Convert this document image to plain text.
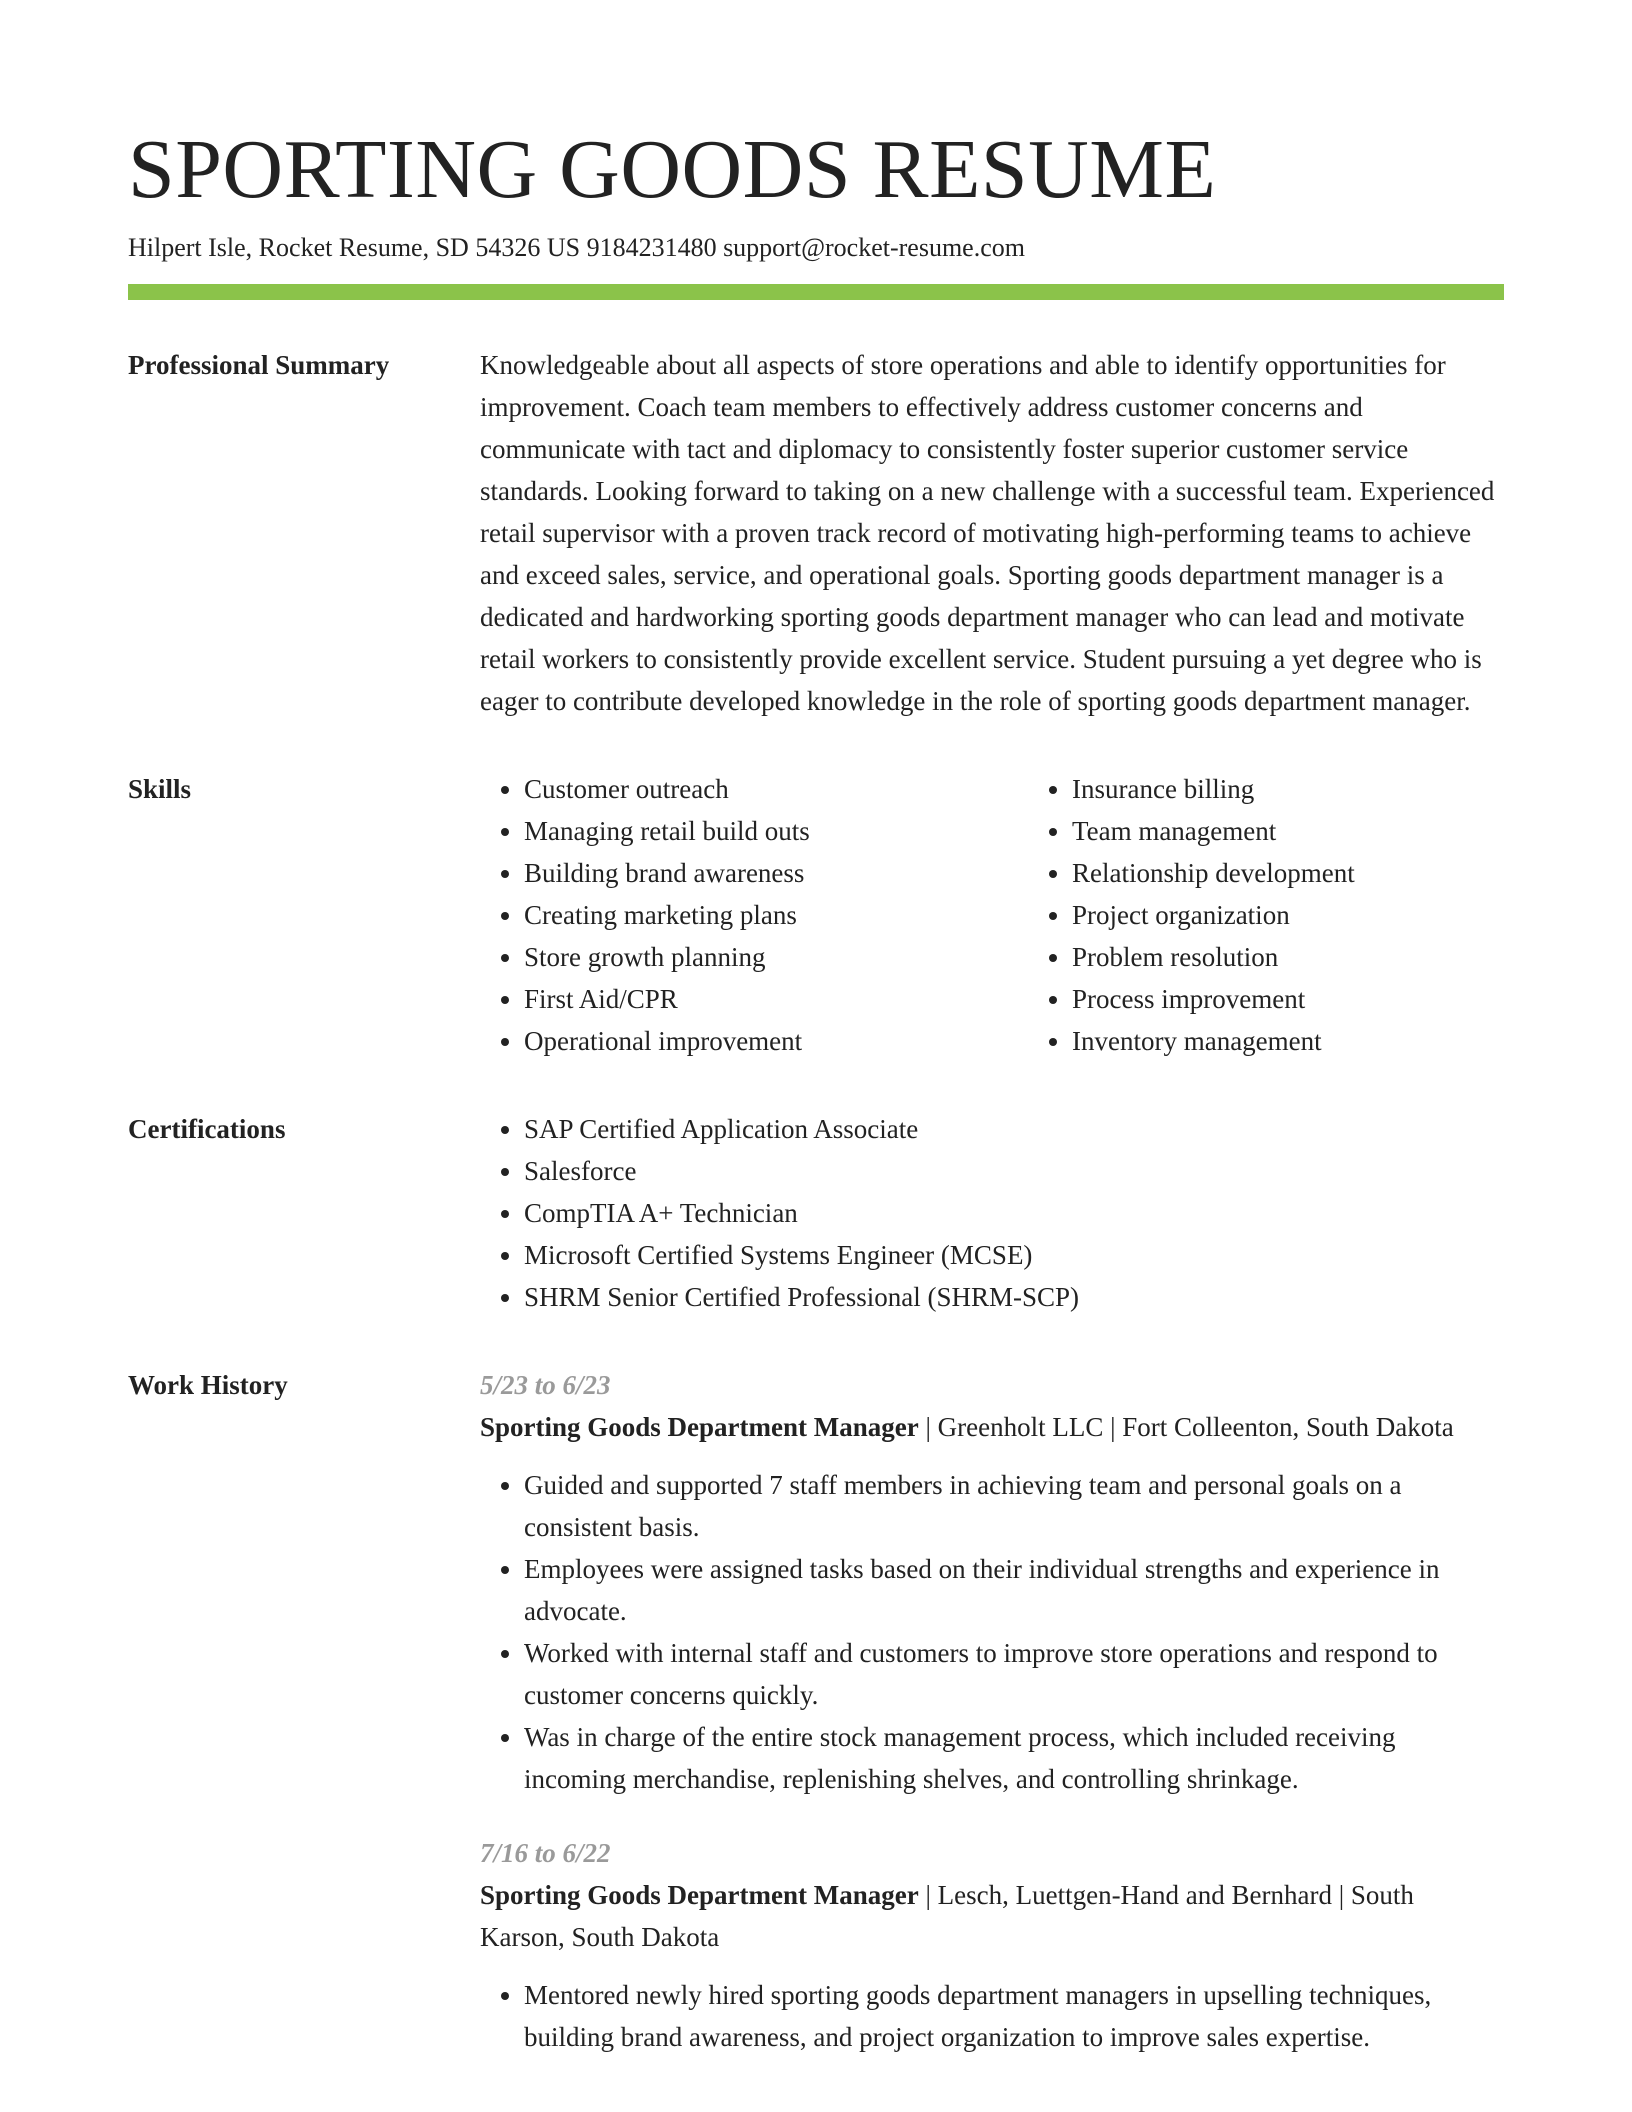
SPORTING GOODS RESUME
Hilpert Isle, Rocket Resume, SD 54326 US 9184231480 support@rocket-resume.com
Professional Summary	Knowledgeable about all aspects of store operations and able to identify opportunities for improvement. Coach team members to effectively address customer concerns and communicate with tact and diplomacy to consistently foster superior customer service standards. Looking forward to taking on a new challenge with a successful team. Experienced retail supervisor with a proven track record of motivating high-performing teams to achieve and exceed sales, service, and operational goals. Sporting goods department manager is a dedicated and hardworking sporting goods department manager who can lead and motivate retail workers to consistently provide excellent service. Student pursuing a yet degree who is eager to contribute developed knowledge in the role of sporting goods department manager.

Skills	• Customer outreach
• Managing retail build outs
• Building brand awareness
• Creating marketing plans
• Store growth planning
• First Aid/CPR
• Operational improvement
• Insurance billing
• Team management
• Relationship development
• Project organization
• Problem resolution
• Process improvement
• Inventory management
Certifications	• SAP Certified Application Associate
• Salesforce
• CompTIA A+ Technician
• Microsoft Certified Systems Engineer (MCSE)
• SHRM Senior Certified Professional (SHRM-SCP)
Work History	5/23 to 6/23
Sporting Goods Department Manager | Greenholt LLC | Fort Colleenton, South Dakota
• Guided and supported 7 staff members in achieving team and personal goals on a consistent basis.
• Employees were assigned tasks based on their individual strengths and experience in advocate.
• Worked with internal staff and customers to improve store operations and respond to customer concerns quickly.
• Was in charge of the entire stock management process, which included receiving incoming merchandise, replenishing shelves, and controlling shrinkage.
7/16 to 6/22
Sporting Goods Department Manager | Lesch, Luettgen-Hand and Bernhard | South Karson, South Dakota
• Mentored newly hired sporting goods department managers in upselling techniques, building brand awareness, and project organization to improve sales expertise.
